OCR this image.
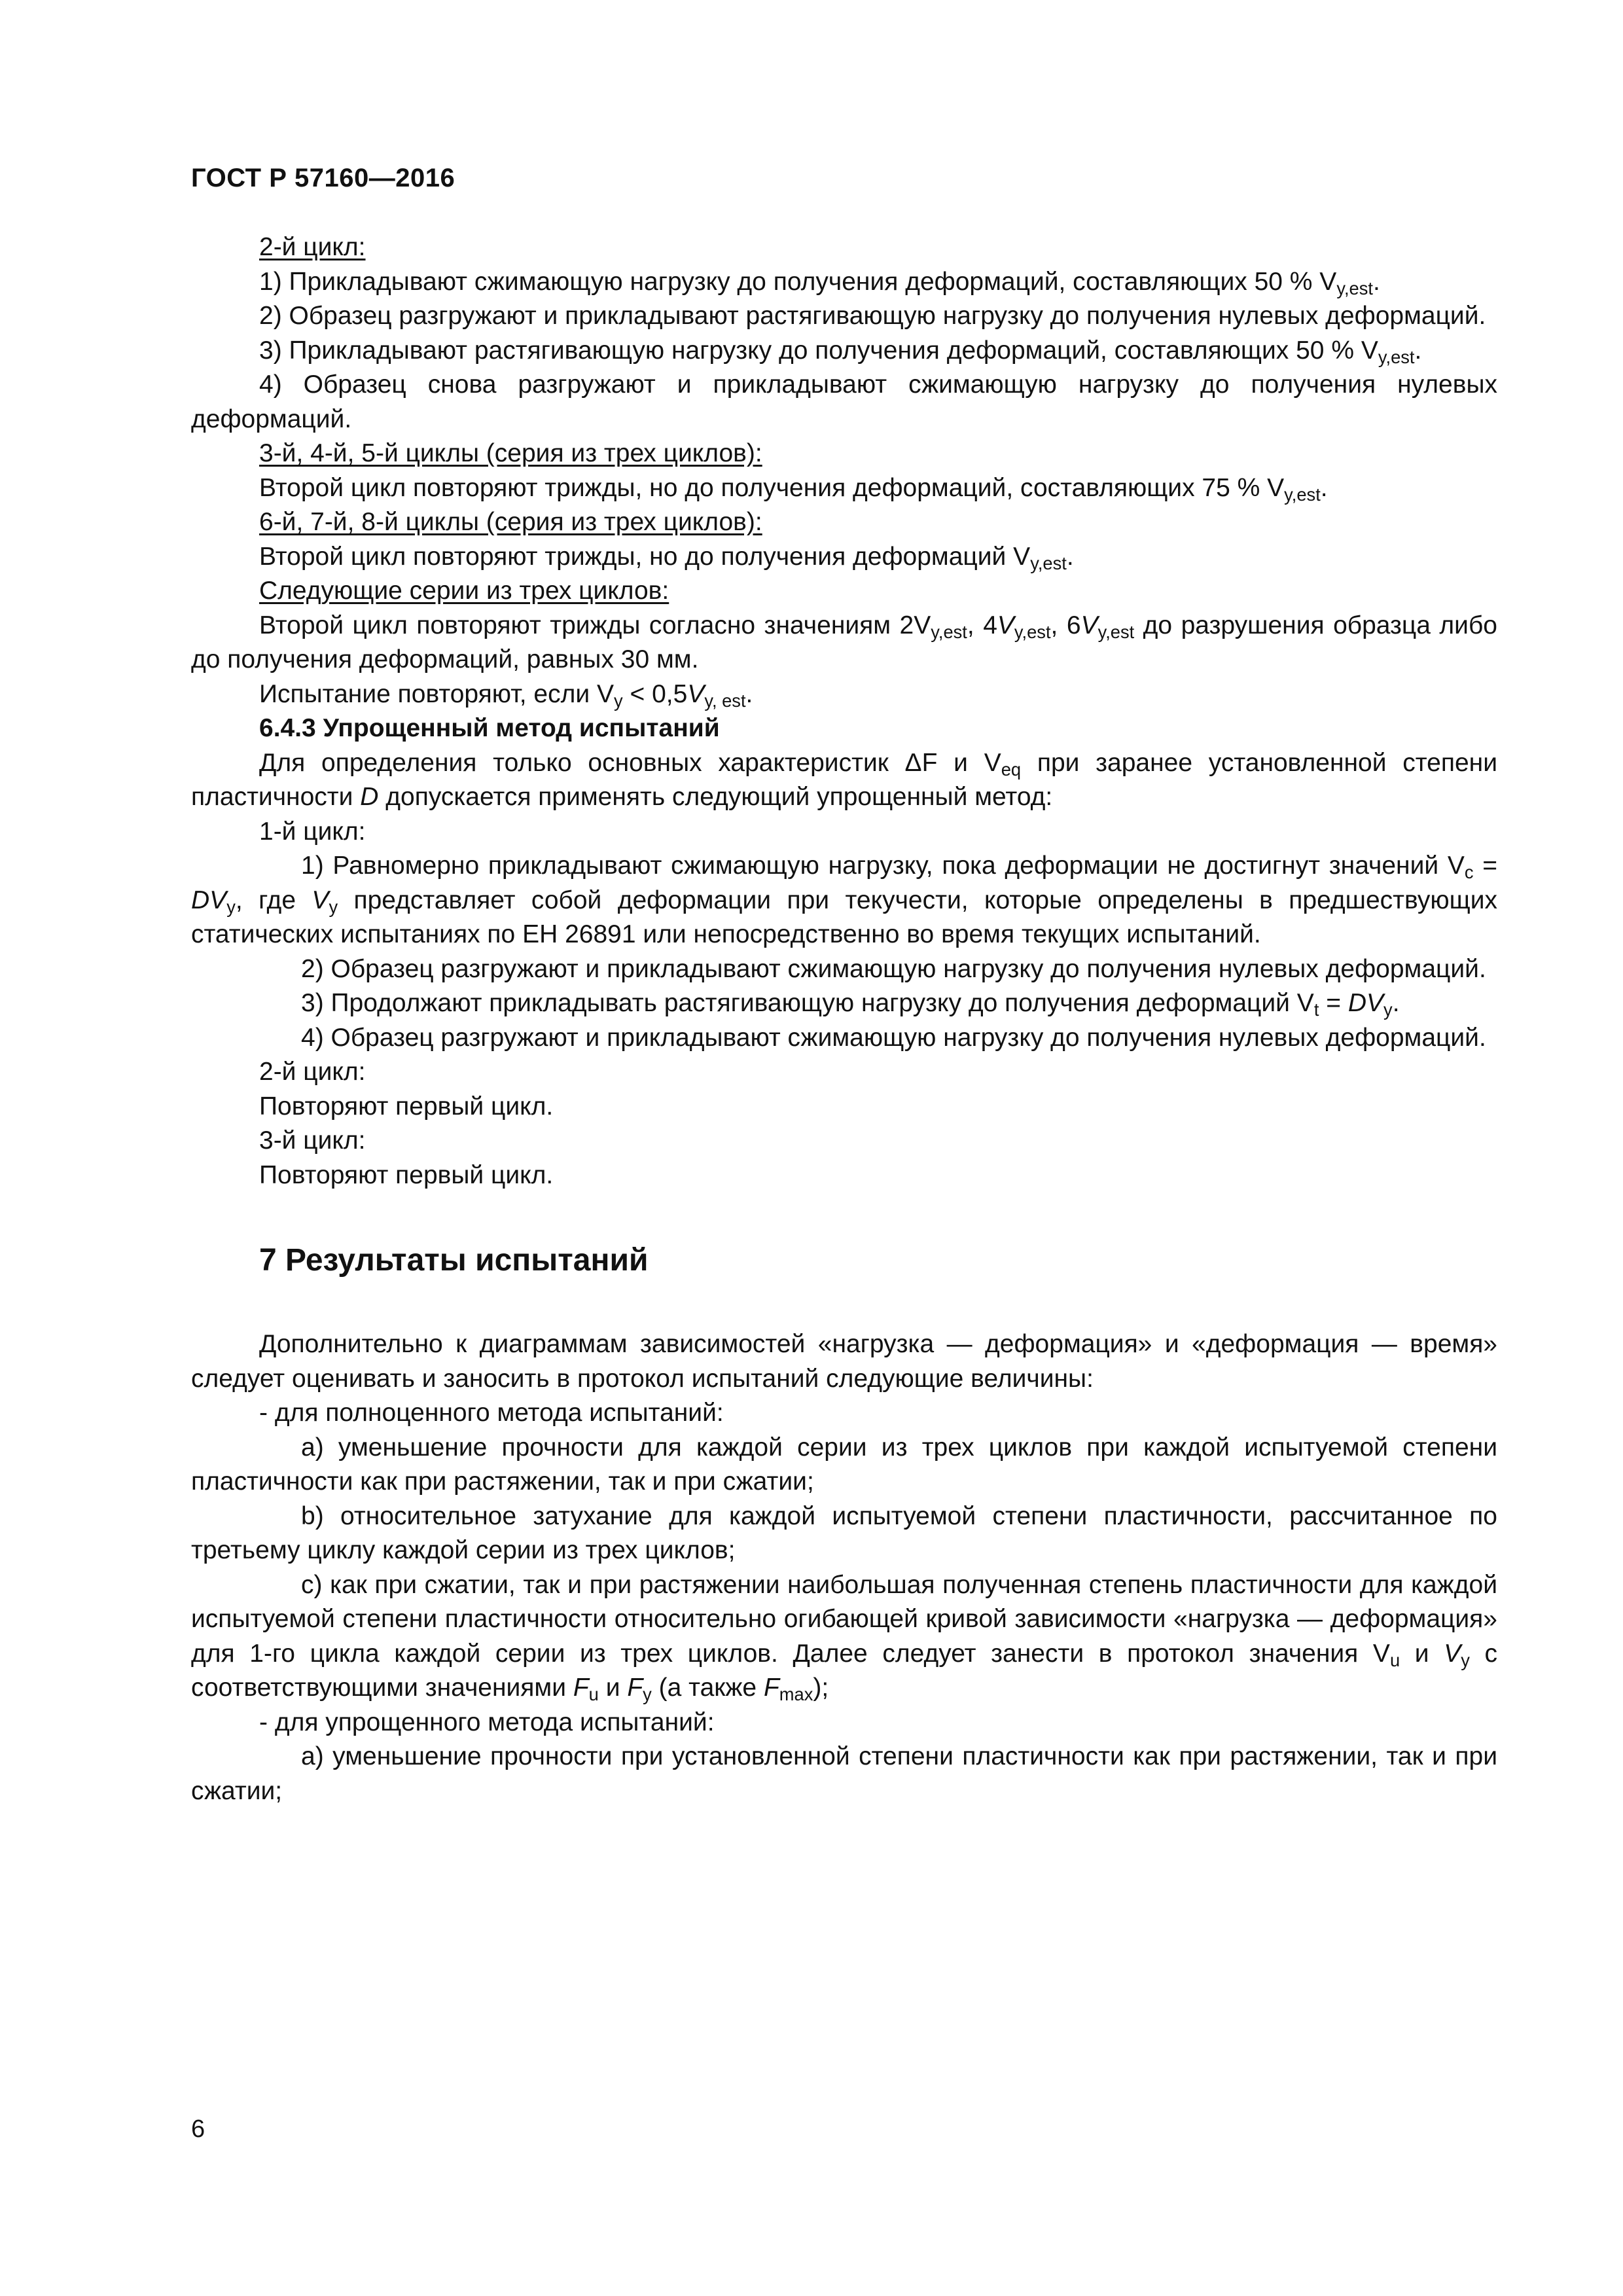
ГОСТ Р 57160—2016

2-й цикл:

1) Прикладывают сжимающую нагрузку до получения деформаций, составляющих 50 % $V_{y,est}$.

2) Образец разгружают и прикладывают растягивающую нагрузку до получения нулевых деформаций.

3) Прикладывают растягивающую нагрузку до получения деформаций, составляющих 50 % $V_{y,est}$.

4) Образец снова разгружают и прикладывают сжимающую нагрузку до получения нулевых деформаций.

3-й, 4-й, 5-й циклы (серия из трех циклов):

Второй цикл повторяют трижды, но до получения деформаций, составляющих 75 % $V_{y,est}$.

6-й, 7-й, 8-й циклы (серия из трех циклов):

Второй цикл повторяют трижды, но до получения деформаций $V_{y,est}$.

Следующие серии из трех циклов:

Второй цикл повторяют трижды согласно значениям $2V_{y,est}$, $4V_{y,est}$, $6V_{y,est}$ до разрушения образца либо до получения деформаций, равных 30 мм.

Испытание повторяют, если $V_y < 0,5V_{y, est}$.

6.4.3 Упрощенный метод испытаний

Для определения только основных характеристик ΔF и $V_{eq}$ при заранее установленной степени пластичности D допускается применять следующий упрощенный метод:

1-й цикл:

1) Равномерно прикладывают сжимающую нагрузку, пока деформации не достигнут значений $V_c = DV_y$, где $V_y$ представляет собой деформации при текучести, которые определены в предшествующих статических испытаниях по ЕН 26891 или непосредственно во время текущих испытаний.

2) Образец разгружают и прикладывают сжимающую нагрузку до получения нулевых деформаций.

3) Продолжают прикладывать растягивающую нагрузку до получения деформаций $V_t = DV_y$.

4) Образец разгружают и прикладывают сжимающую нагрузку до получения нулевых деформаций.

2-й цикл:

Повторяют первый цикл.

3-й цикл:

Повторяют первый цикл.

7 Результаты испытаний

Дополнительно к диаграммам зависимостей «нагрузка — деформация» и «деформация — время» следует оценивать и заносить в протокол испытаний следующие величины:

- для полноценного метода испытаний:

a) уменьшение прочности для каждой серии из трех циклов при каждой испытуемой степени пластичности как при растяжении, так и при сжатии;

b) относительное затухание для каждой испытуемой степени пластичности, рассчитанное по третьему циклу каждой серии из трех циклов;

c) как при сжатии, так и при растяжении наибольшая полученная степень пластичности для каждой испытуемой степени пластичности относительно огибающей кривой зависимости «нагрузка — деформация» для 1-го цикла каждой серии из трех циклов. Далее следует занести в протокол значения $V_u$ и $V_y$ с соответствующими значениями $F_u$ и $F_y$ (а также $F_{max}$);

- для упрощенного метода испытаний:

a) уменьшение прочности при установленной степени пластичности как при растяжении, так и при сжатии;

6
